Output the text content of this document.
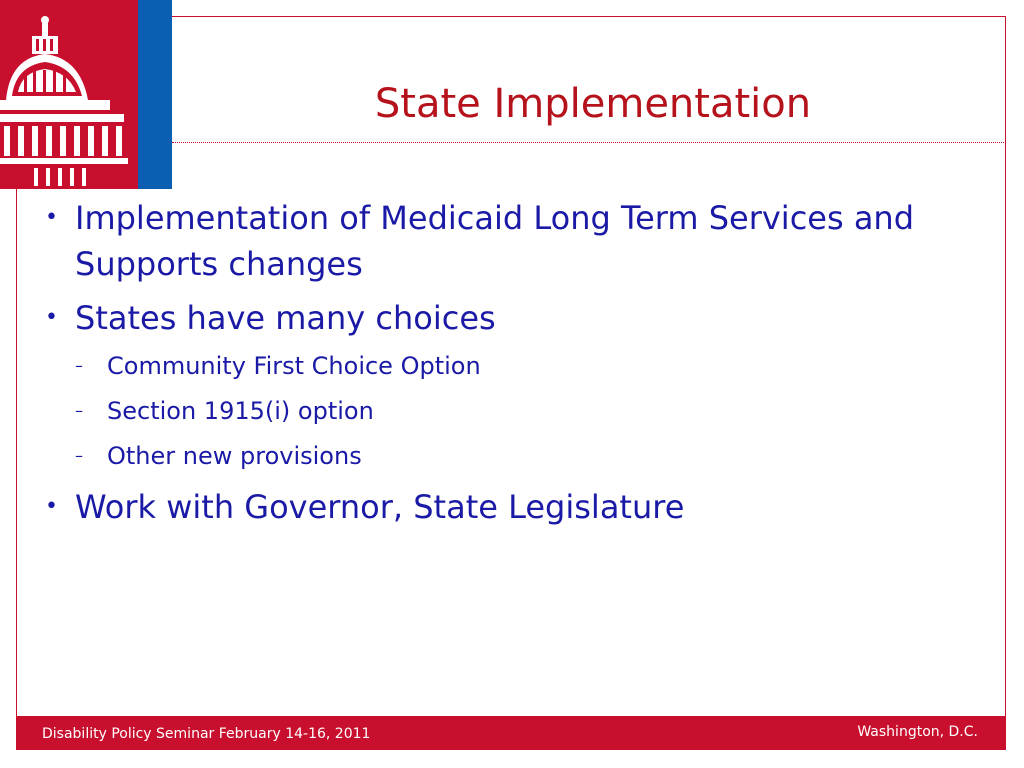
State Implementation
• Implementation of Medicaid Long Term Services and Supports changes
• States have many choices
– Community First Choice Option
– Section 1915(i) option
– Other new provisions
• Work with Governor, State Legislature
Disability Policy Seminar February 14-16, 2011	Washington, D.C.
